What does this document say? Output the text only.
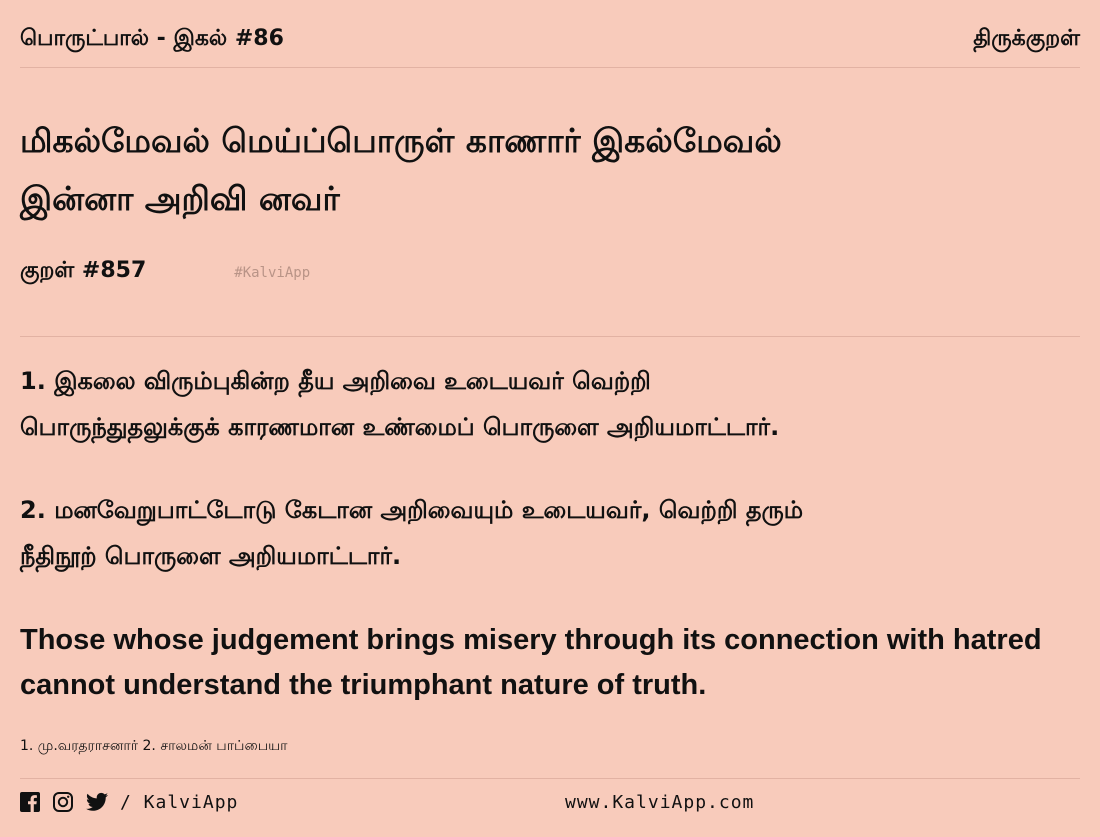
பொருட்பால் - இகல் #86	திருக்குறள்
மிகல்மேவல் மெய்ப்பொருள் காணார் இகல்மேவல்
இன்னா அறிவி னவர்
குறள் #857	#KalviApp
1. இகலை விரும்புகின்ற தீய அறிவை உடையவர் வெற்றி
பொருந்துதலுக்குக் காரணமான உண்மைப் பொருளை அறியமாட்டார்.
2. மனவேறுபாட்டோடு கேடான அறிவையும் உடையவர், வெற்றி தரும்
நீதிநூற் பொருளை அறியமாட்டார்.
Those whose judgement brings misery through its connection with hatred
cannot understand the triumphant nature of truth.
1. மு.வரதராசனார் 2. சாலமன் பாப்பையா
/ KalviApp	www.KalviApp.com
